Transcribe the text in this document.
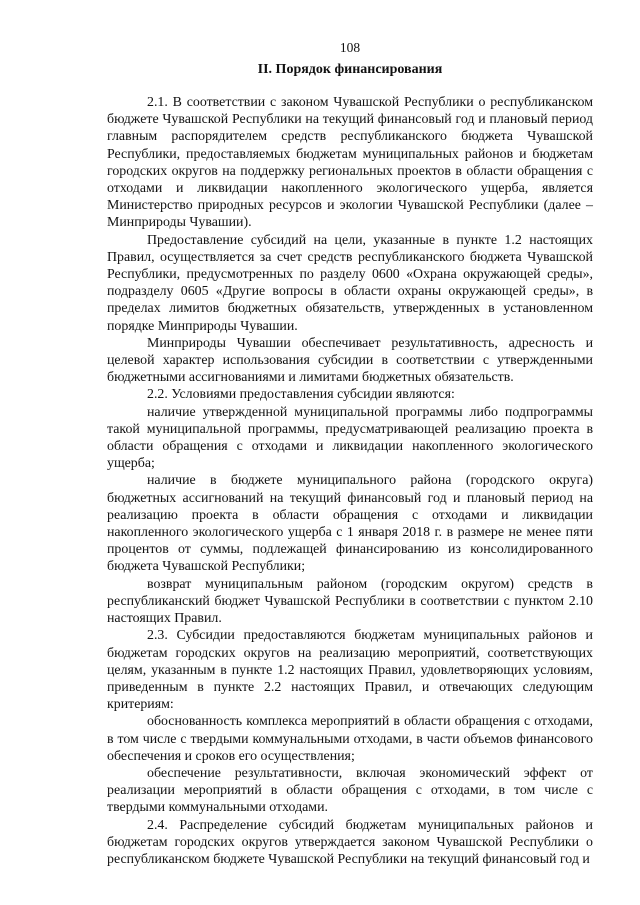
108
II. Порядок финансирования

2.1. В соответствии с законом Чувашской Республики о республиканском бюджете Чувашской Республики на текущий финансовый год и плановый период главным распорядителем средств республиканского бюджета Чувашской Республики, предоставляемых бюджетам муниципальных районов и бюджетам городских округов на поддержку региональных проектов в области обращения с отходами и ликвидации накопленного экологического ущерба, является Министерство природных ресурсов и экологии Чувашской Республики (далее – Минприроды Чувашии).

Предоставление субсидий на цели, указанные в пункте 1.2 настоящих Правил, осуществляется за счет средств республиканского бюджета Чувашской Республики, предусмотренных по разделу 0600 «Охрана окружающей среды», подразделу 0605 «Другие вопросы в области охраны окружающей среды», в пределах лимитов бюджетных обязательств, утвержденных в установленном порядке Минприроды Чувашии.

Минприроды Чувашии обеспечивает результативность, адресность и целевой характер использования субсидии в соответствии с утвержденными бюджетными ассигнованиями и лимитами бюджетных обязательств.

2.2. Условиями предоставления субсидии являются:

наличие утвержденной муниципальной программы либо подпрограммы такой муниципальной программы, предусматривающей реализацию проекта в области обращения с отходами и ликвидации накопленного экологического ущерба;

наличие в бюджете муниципального района (городского округа) бюджетных ассигнований на текущий финансовый год и плановый период на реализацию проекта в области обращения с отходами и ликвидации накопленного экологического ущерба с 1 января 2018 г. в размере не менее пяти процентов от суммы, подлежащей финансированию из консолидированного бюджета Чувашской Республики;

возврат муниципальным районом (городским округом) средств в республиканский бюджет Чувашской Республики в соответствии с пунктом 2.10 настоящих Правил.

2.3. Субсидии предоставляются бюджетам муниципальных районов и бюджетам городских округов на реализацию мероприятий, соответствующих целям, указанным в пункте 1.2 настоящих Правил, удовлетворяющих условиям, приведенным в пункте 2.2 настоящих Правил, и отвечающих следующим критериям:

обоснованность комплекса мероприятий в области обращения с отходами, в том числе с твердыми коммунальными отходами, в части объемов финансового обеспечения и сроков его осуществления;

обеспечение результативности, включая экономический эффект от реализации мероприятий в области обращения с отходами, в том числе с твердыми коммунальными отходами.

2.4. Распределение субсидий бюджетам муниципальных районов и бюджетам городских округов утверждается законом Чувашской Республики о республиканском бюджете Чувашской Республики на текущий финансовый год и
